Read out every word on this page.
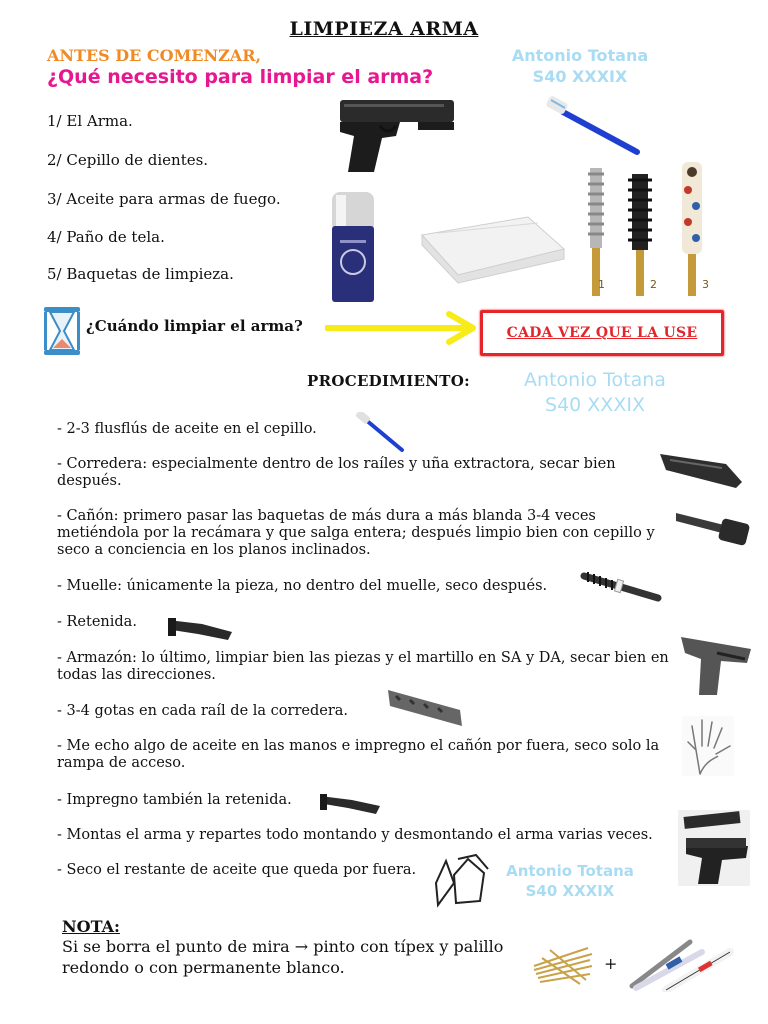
LIMPIEZA ARMA
ANTES DE COMENZAR,
¿Qué necesito para limpiar el arma?
Antonio Totana
S40 XXXIX
1/ El Arma.
2/ Cepillo de dientes.
3/ Aceite para armas de fuego.
4/ Paño de tela.
5/ Baquetas de limpieza.
1	2	3
¿Cuándo limpiar el arma?	CADA VEZ QUE LA USE
PROCEDIMIENTO:	Antonio Totana
S40 XXXIX
- 2-3 flusflús de aceite en el cepillo.
- Corredera: especialmente dentro de los raíles y uña extractora, secar bien después.
- Cañón: primero pasar las baquetas de más dura a más blanda 3-4 veces metiéndola por la recámara y que salga entera; después limpio bien con cepillo y seco a conciencia en los planos inclinados.
- Muelle: únicamente la pieza, no dentro del muelle, seco después.
- Retenida.
- Armazón: lo último, limpiar bien las piezas y el martillo en SA y DA, secar bien en todas las direcciones.
- 3-4 gotas en cada raíl de la corredera.
- Me echo algo de aceite en las manos e impregno el cañón por fuera, seco solo la rampa de acceso.
- Impregno también la retenida.
- Montas el arma y repartes todo montando y desmontando el arma varias veces.
- Seco el restante de aceite que queda por fuera.	Antonio Totana
S40 XXXIX
NOTA:
Si se borra el punto de mira → pinto con típex y palillo
redondo o con permanente blanco.	+
